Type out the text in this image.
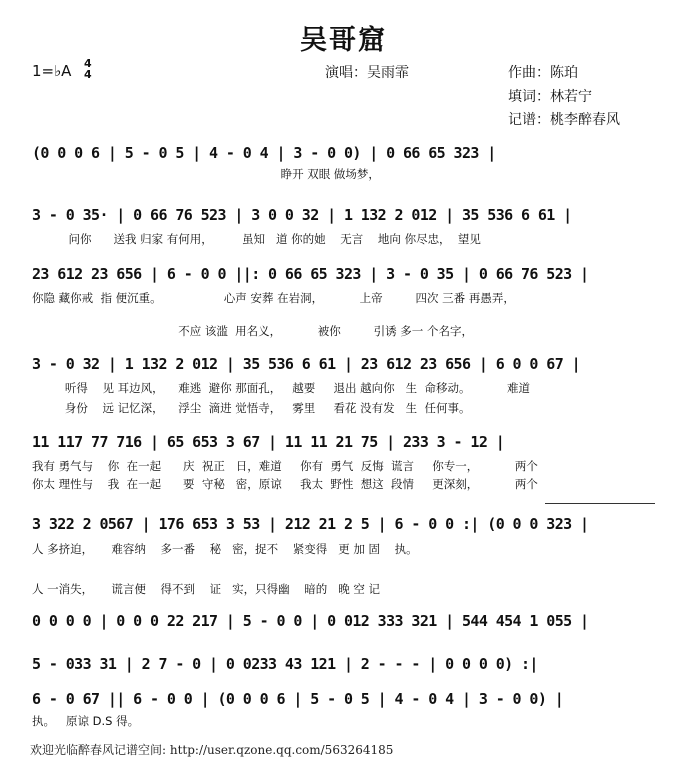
吴哥窟
1=♭A 4
4	演唱：吴雨霏	作曲：陈珀
填词：林若宁
记谱：桃李醉春风
(0 0 0 6 | 5 - 0 5 | 4 - 0 4 | 3 - 0 0) | 0 66 65 323 |
睁开 双眼 做场梦，
3 - 0 35· | 0 66 76 523 | 3 0 0 32 | 1 132 2 012 | 35 536 6 61 |
问你      送我 归家 有何用，        虽知   道 你的她    无言    地向 你尽忠，  望见
23 612 23 656 | 6 - 0 0 ||: 0 66 65 323 | 3 - 0 35 | 0 66 76 523 |
你隐 藏你戒  指 便沉重。                 心声 安葬 在岩洞，          上帝         四次 三番 再愚弄，
不应 该滥  用名义，          被你         引诱 多一 个名字，
3 - 0 32 | 1 132 2 012 | 35 536 6 61 | 23 612 23 656 | 6 0 0 67 |
听得    见 耳边风，    难逃  避你 那面孔，   越要     退出 越向你   生  命移动。          难道
身份    远 记忆深，    浮尘  滴进 觉悟寺，   雾里     看花 没有发   生  任何事。
11 117 77 716 | 65 653 3 67 | 11 11 21 75 | 233 3 - 12 |
我有 勇气与    你  在一起      庆  祝正   日，难道     你有  勇气  反悔  谎言     你专一，          两个
你太 理性与    我  在一起      要  守秘   密，原谅     我太  野性  想这  段情     更深刻，          两个
3 322 2 0567 | 176 653 3 53 | 212 21 2 5 | 6 - 0 0 :| (0 0 0 323 |
人 多挤迫，     难容纳    多一番    秘   密，捉不    紧变得   更 加 固    执。
人 一消失，     谎言便    得不到    证   实，只得幽    暗的   晚 空 记
0 0 0 0 | 0 0 0 22 217 | 5 - 0 0 | 0 012 333 321 | 544 454 1 055 |
5 - 033 31 | 2 7 - 0 | 0 0233 43 121 | 2 - - - | 0 0 0 0) :|
6 - 0 67 || 6 - 0 0 | (0 0 0 6 | 5 - 0 5 | 4 - 0 4 | 3 - 0 0) |
执。   原谅 D.S 得。
欢迎光临醉春风记谱空间: http://user.qzone.qq.com/563264185
